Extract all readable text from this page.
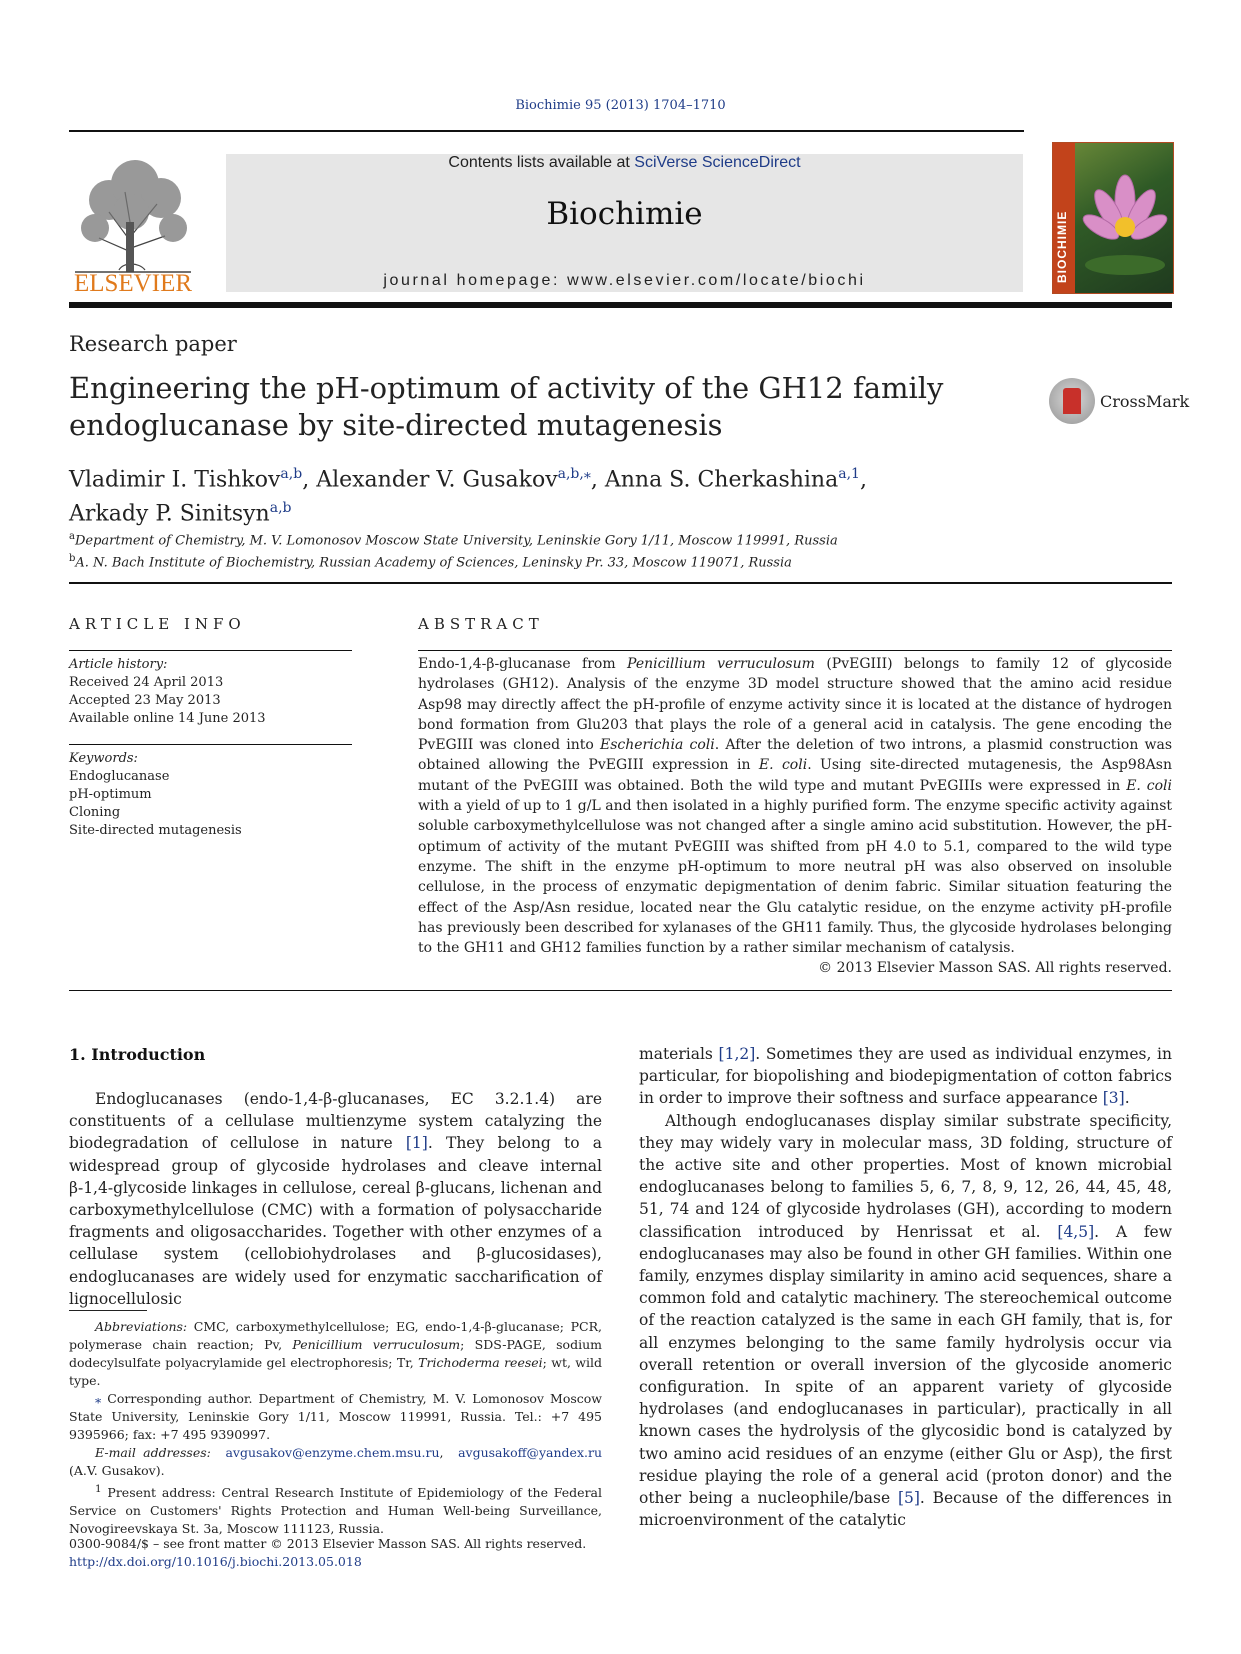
Biochimie 95 (2013) 1704–1710
ELSEVIER
Contents lists available at SciVerse ScienceDirect
Biochimie
journal homepage: www.elsevier.com/locate/biochi	BIOCHIMIE
Research paper
Engineering the pH-optimum of activity of the GH12 family endoglucanase by site-directed mutagenesis
CrossMark
Vladimir I. Tishkov$^{a,b}$, Alexander V. Gusakov$^{a,b,⁎}$, Anna S. Cherkashina$^{a,1}$,
Arkady P. Sinitsyn$^{a,b}$
$^a$Department of Chemistry, M. V. Lomonosov Moscow State University, Leninskie Gory 1/11, Moscow 119991, Russia
$^b$A. N. Bach Institute of Biochemistry, Russian Academy of Sciences, Leninsky Pr. 33, Moscow 119071, Russia
ARTICLE INFO
Article history:
Received 24 April 2013
Accepted 23 May 2013
Available online 14 June 2013
Keywords:
Endoglucanase
pH-optimum
Cloning
Site-directed mutagenesis
ABSTRACT
Endo-1,4-β-glucanase from Penicillium verruculosum (PvEGIII) belongs to family 12 of glycoside hydrolases (GH12). Analysis of the enzyme 3D model structure showed that the amino acid residue Asp98 may directly affect the pH-profile of enzyme activity since it is located at the distance of hydrogen bond formation from Glu203 that plays the role of a general acid in catalysis. The gene encoding the PvEGIII was cloned into Escherichia coli. After the deletion of two introns, a plasmid construction was obtained allowing the PvEGIII expression in E. coli. Using site-directed mutagenesis, the Asp98Asn mutant of the PvEGIII was obtained. Both the wild type and mutant PvEGIIIs were expressed in E. coli with a yield of up to 1 g/L and then isolated in a highly purified form. The enzyme specific activity against soluble carboxymethylcellulose was not changed after a single amino acid substitution. However, the pH-optimum of activity of the mutant PvEGIII was shifted from pH 4.0 to 5.1, compared to the wild type enzyme. The shift in the enzyme pH-optimum to more neutral pH was also observed on insoluble cellulose, in the process of enzymatic depigmentation of denim fabric. Similar situation featuring the effect of the Asp/Asn residue, located near the Glu catalytic residue, on the enzyme activity pH-profile has previously been described for xylanases of the GH11 family. Thus, the glycoside hydrolases belonging to the GH11 and GH12 families function by a rather similar mechanism of catalysis.
© 2013 Elsevier Masson SAS. All rights reserved.
1. Introduction

Endoglucanases (endo-1,4-β-glucanases, EC 3.2.1.4) are constituents of a cellulase multienzyme system catalyzing the biodegradation of cellulose in nature [1]. They belong to a widespread group of glycoside hydrolases and cleave internal β-1,4-glycoside linkages in cellulose, cereal β-glucans, lichenan and carboxymethylcellulose (CMC) with a formation of polysaccharide fragments and oligosaccharides. Together with other enzymes of a cellulase system (cellobiohydrolases and β-glucosidases), endoglucanases are widely used for enzymatic saccharification of lignocellulosic

materials [1,2]. Sometimes they are used as individual enzymes, in particular, for biopolishing and biodepigmentation of cotton fabrics in order to improve their softness and surface appearance [3].

Although endoglucanases display similar substrate specificity, they may widely vary in molecular mass, 3D folding, structure of the active site and other properties. Most of known microbial endoglucanases belong to families 5, 6, 7, 8, 9, 12, 26, 44, 45, 48, 51, 74 and 124 of glycoside hydrolases (GH), according to modern classification introduced by Henrissat et al. [4,5]. A few endoglucanases may also be found in other GH families. Within one family, enzymes display similarity in amino acid sequences, share a common fold and catalytic machinery. The stereochemical outcome of the reaction catalyzed is the same in each GH family, that is, for all enzymes belonging to the same family hydrolysis occur via overall retention or overall inversion of the glycoside anomeric configuration. In spite of an apparent variety of glycoside hydrolases (and endoglucanases in particular), practically in all known cases the hydrolysis of the glycosidic bond is catalyzed by two amino acid residues of an enzyme (either Glu or Asp), the first residue playing the role of a general acid (proton donor) and the other being a nucleophile/base [5]. Because of the differences in microenvironment of the catalytic

Abbreviations: CMC, carboxymethylcellulose; EG, endo-1,4-β-glucanase; PCR, polymerase chain reaction; Pv, Penicillium verruculosum; SDS-PAGE, sodium dodecylsulfate polyacrylamide gel electrophoresis; Tr, Trichoderma reesei; wt, wild type.

⁎ Corresponding author. Department of Chemistry, M. V. Lomonosov Moscow State University, Leninskie Gory 1/11, Moscow 119991, Russia. Tel.: +7 495 9395966; fax: +7 495 9390997.

E-mail addresses: avgusakov@enzyme.chem.msu.ru,  avgusakoff@yandex.ru (A.V. Gusakov).

$^1$ Present address: Central Research Institute of Epidemiology of the Federal Service on Customers' Rights Protection and Human Well-being Surveillance, Novogireevskaya St. 3a, Moscow 111123, Russia.

0300-9084/$ – see front matter © 2013 Elsevier Masson SAS. All rights reserved.
http://dx.doi.org/10.1016/j.biochi.2013.05.018
